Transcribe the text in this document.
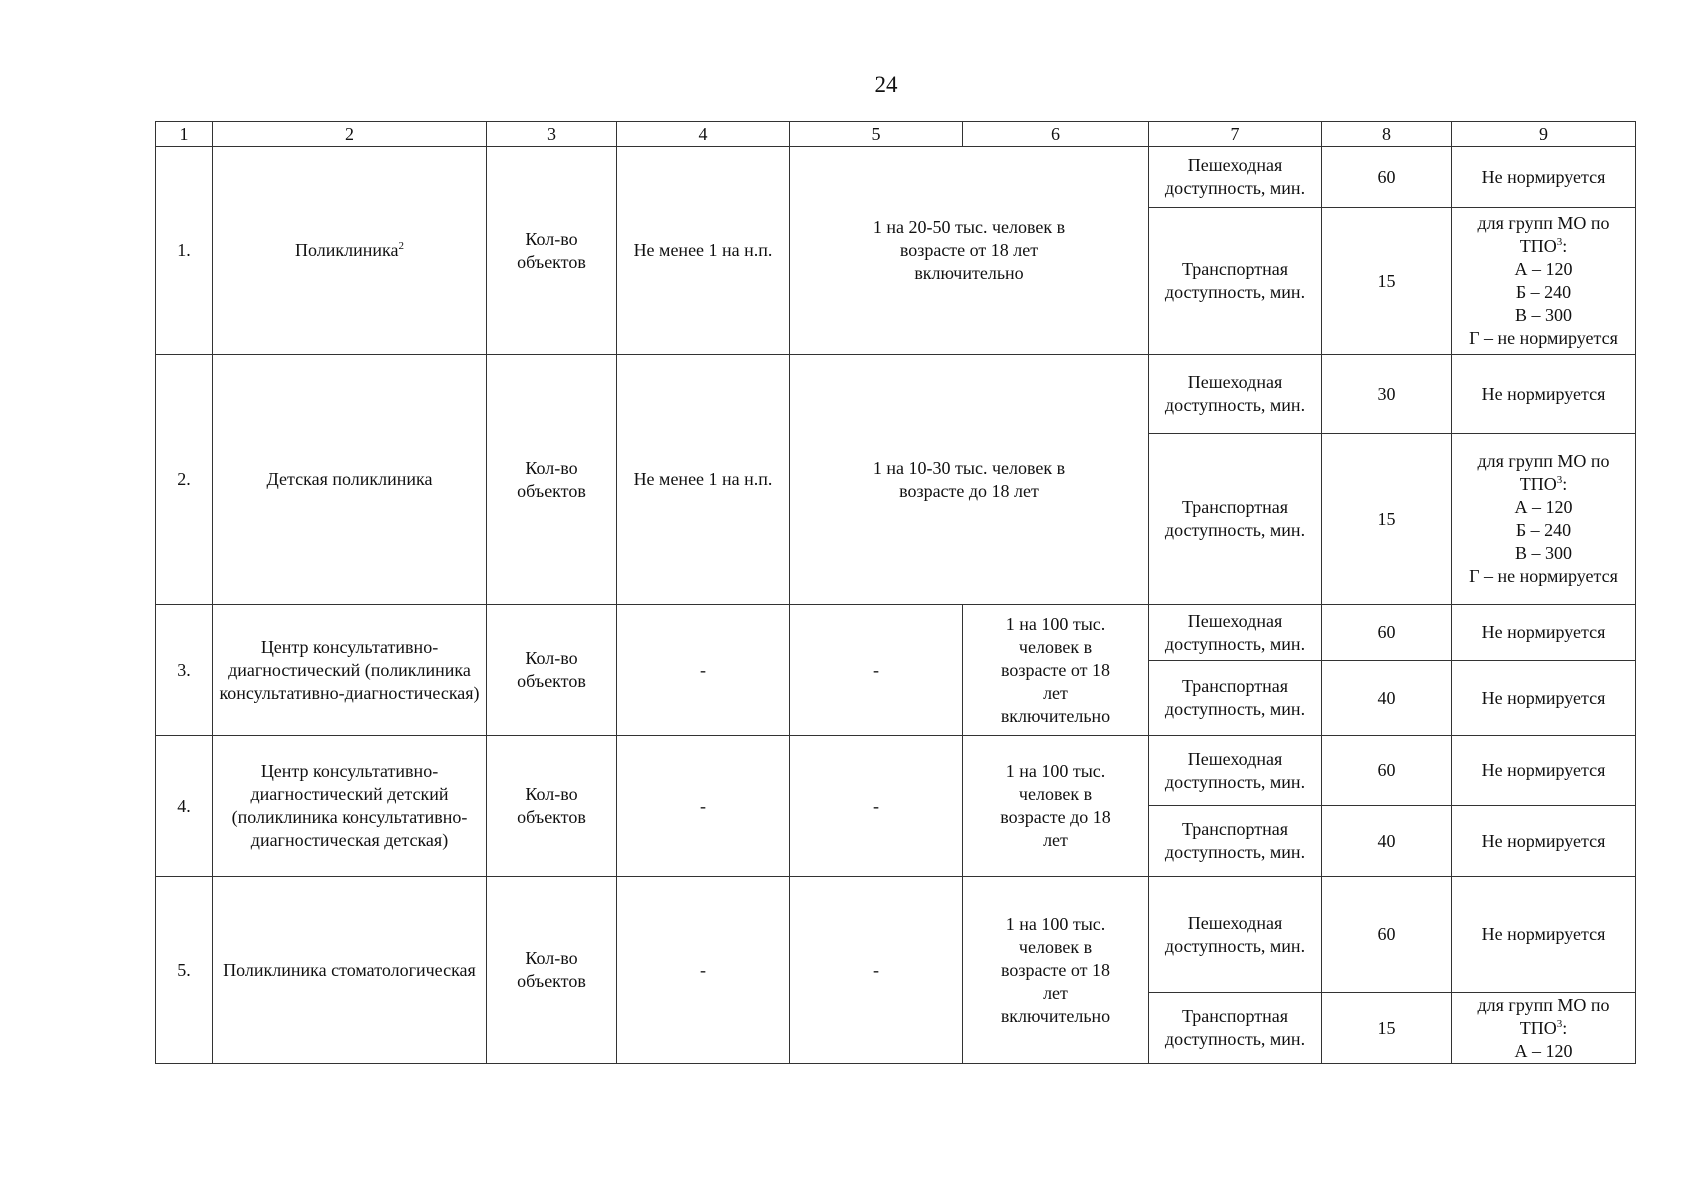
24
1	2	3	4	5	6	7	8	9
1.	Поликлиника$^2$	Кол-во объектов	Не менее 1 на н.п.	1 на 20-50 тыс. человек в возрасте от 18 лет включительно		Пешеходная доступность, мин.	60	Не нормируется
						Транспортная доступность, мин.	15	для групп МО по ТПО$^3$:
А – 120
Б – 240
В – 300
Г – не нормируется

2.	Детская поликлиника	Кол-во объектов	Не менее 1 на н.п.	1 на 10-30 тыс. человек в возрасте до 18 лет		Пешеходная доступность, мин.	30	Не нормируется
						Транспортная доступность, мин.	15	для групп МО по ТПО$^3$:
А – 120
Б – 240
В – 300
Г – не нормируется

3.	Центр консультативно-диагностический (поликлиника консультативно-диагностическая)	Кол-во объектов	-	-	1 на 100 тыс. человек в возрасте от 18 лет включительно	Пешеходная доступность, мин.	60	Не нормируется
						Транспортная доступность, мин.	40	Не нормируется
4.	Центр консультативно-диагностический детский (поликлиника консультативно-диагностическая детская)	Кол-во объектов	-	-	1 на 100 тыс. человек в возрасте до 18 лет	Пешеходная доступность, мин.	60	Не нормируется
						Транспортная доступность, мин.	40	Не нормируется
5.	Поликлиника стоматологическая	Кол-во объектов	-	-	1 на 100 тыс. человек в возрасте от 18 лет включительно	Пешеходная доступность, мин.	60	Не нормируется
						Транспортная доступность, мин.	15	для групп МО по ТПО$^3$:
А – 120
